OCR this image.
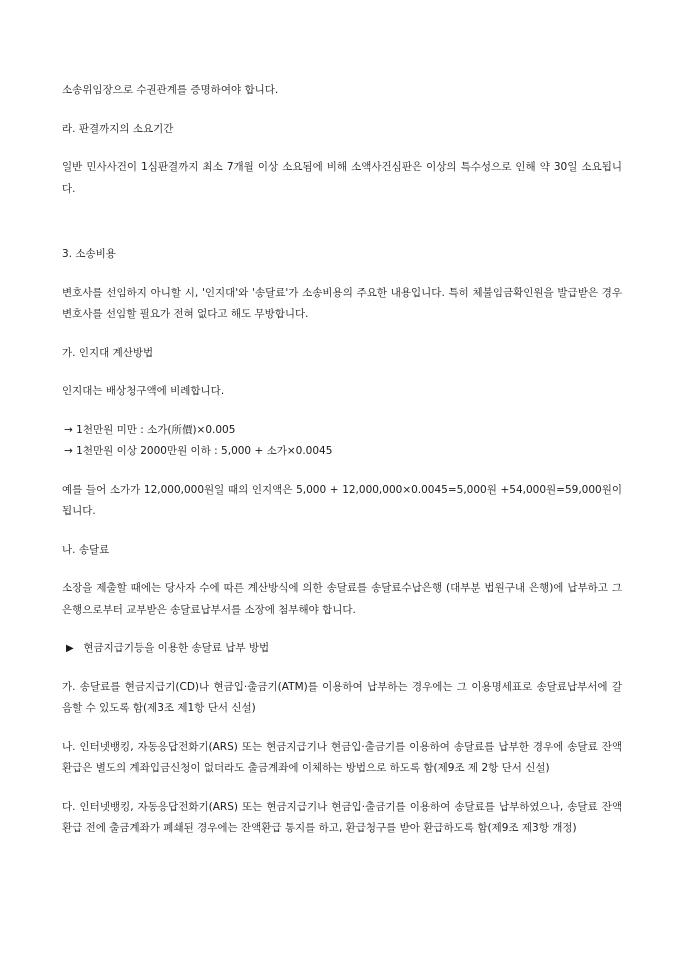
소송위임장으로 수권관계를 증명하여야 합니다.

라. 판결까지의 소요기간

일반 민사사건이 1심판결까지 최소 7개월 이상 소요됨에 비해 소액사건심판은 이상의 특수성으로 인해 약 30일 소요됩니다.

3. 소송비용

변호사를 선임하지 아니할 시, '인지대'와 '송달료'가 소송비용의 주요한 내용입니다. 특히 체불임금확인원을 발급받은 경우 변호사를 선임할 필요가 전혀 없다고 해도 무방합니다.

가. 인지대 계산방법

인지대는 배상청구액에 비례합니다.

→ 1천만원 미만 : 소가(所價)×0.005

→ 1천만원 이상 2000만원 이하 : 5,000 + 소가×0.0045

예를 들어 소가가 12,000,000원일 때의 인지액은 5,000 + 12,000,000×0.0045=5,000원 +54,000원=59,000원이 됩니다.

나. 송달료

소장을 제출할 때에는 당사자 수에 따른 계산방식에 의한 송달료를 송달료수납은행 (대부분 법원구내 은행)에 납부하고 그 은행으로부터 교부받은 송달료납부서를 소장에 첨부해야 합니다.

▶ 현금지급기등을 이용한 송달료 납부 방법

가. 송달료를 현금지급기(CD)나 현금입·출금기(ATM)를 이용하여 납부하는 경우에는 그 이용명세표로 송달료납부서에 갈음할 수 있도록 함(제3조 제1항 단서 신설)

나. 인터넷뱅킹, 자동응답전화기(ARS) 또는 현금지급기나 현금입·출금기를 이용하여 송달료를 납부한 경우에 송달료 잔액 환급은 별도의 계좌입금신청이 없더라도 출금계좌에 이체하는 방법으로 하도록 함(제9조 제 2항 단서 신설)

다. 인터넷뱅킹, 자동응답전화기(ARS) 또는 현금지급기나 현금입·출금기를 이용하여 송달료를 납부하였으나, 송달료 잔액 환급 전에 출금계좌가 폐쇄된 경우에는 잔액환급 통지를 하고, 환급청구를 받아 환급하도록 함(제9조 제3항 개정)
